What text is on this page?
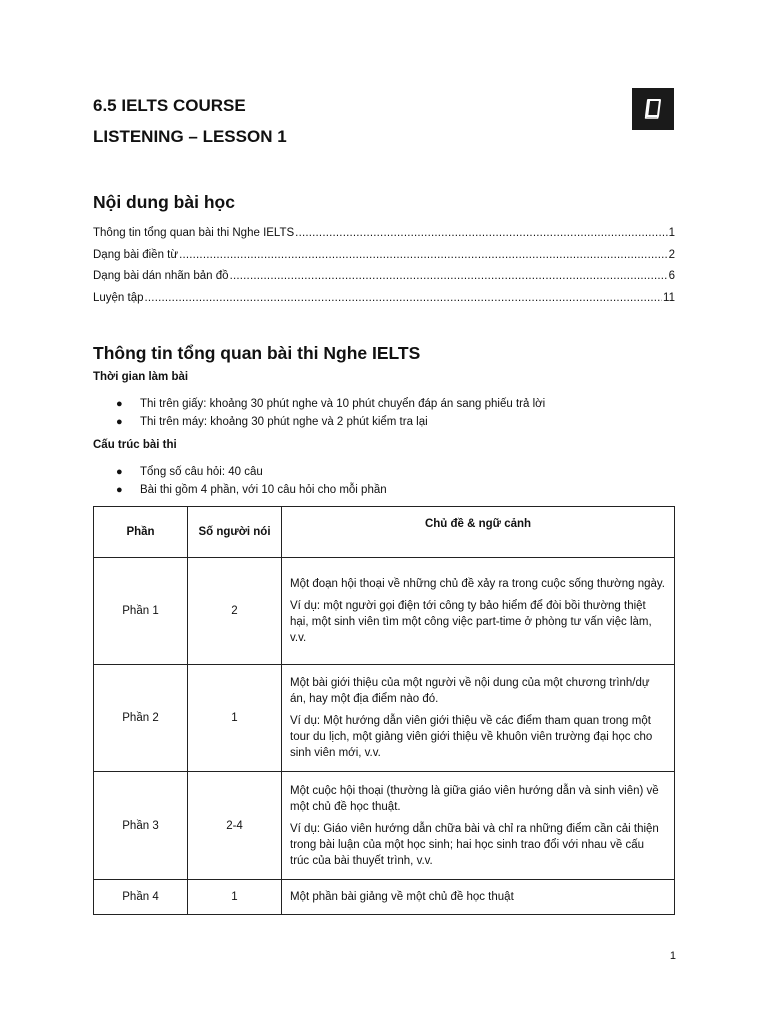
6.5 IELTS COURSE
LISTENING – LESSON 1
Nội dung bài học
Thông tin tổng quan bài thi Nghe IELTS .....	1
Dạng bài điền từ .....	2
Dạng bài dán nhãn bản đồ .....	6
Luyện tập .....	11
Thông tin tổng quan bài thi Nghe IELTS
Thời gian làm bài
● Thi trên giấy: khoảng 30 phút nghe và 10 phút chuyển đáp án sang phiếu trả lời
● Thi trên máy: khoảng 30 phút nghe và 2 phút kiểm tra lại
Cấu trúc bài thi
● Tổng số câu hỏi: 40 câu
● Bài thi gồm 4 phần, với 10 câu hỏi cho mỗi phần
Phần	Số người nói	Chủ đề & ngữ cảnh
Phần 1	2	Một đoạn hội thoại về những chủ đề xảy ra trong cuộc sống thường ngày.

Ví dụ: một người gọi điện tới công ty bảo hiểm để đòi bồi thường thiệt hại, một sinh viên tìm một công việc part-time ở phòng tư vấn việc làm, v.v.

Phần 2	1	Một bài giới thiệu của một người về nội dung của một chương trình/dự án, hay một địa điểm nào đó.

Ví dụ: Một hướng dẫn viên giới thiệu về các điểm tham quan trong một tour du lịch, một giảng viên giới thiệu về khuôn viên trường đại học cho sinh viên mới, v.v.

Phần 3	2-4	Một cuộc hội thoại (thường là giữa giáo viên hướng dẫn và sinh viên) về một chủ đề học thuật.

Ví dụ: Giáo viên hướng dẫn chữa bài và chỉ ra những điểm cần cải thiện trong bài luận của một học sinh; hai học sinh trao đổi với nhau về cấu trúc của bài thuyết trình, v.v.

Phần 4	1	Một phần bài giảng về một chủ đề học thuật

1
